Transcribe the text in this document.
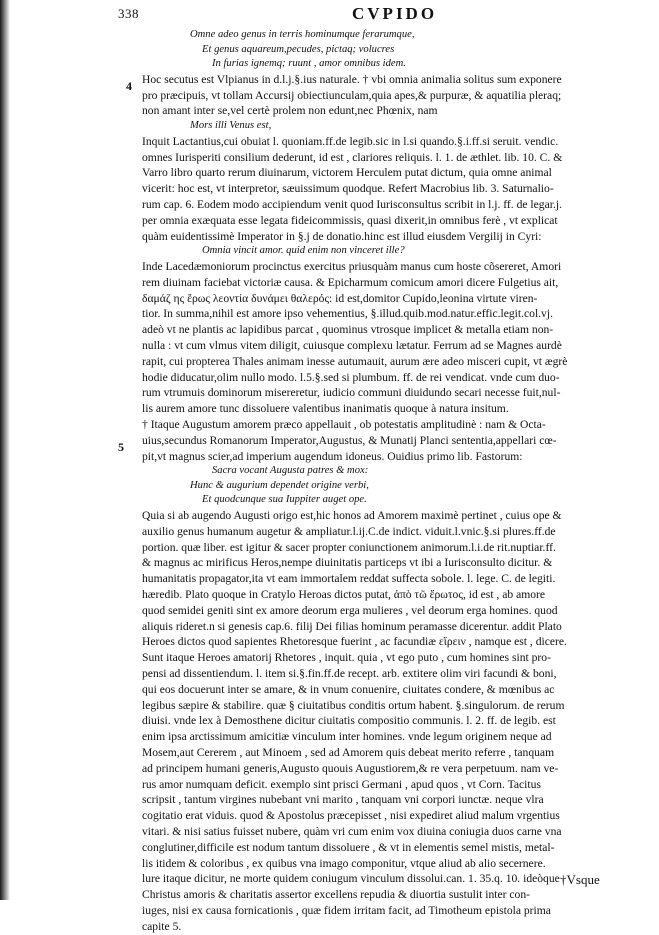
338	CVPIDO
4
5
Omne adeo genus in terris hominumque ferarumque,
Et genus aquareum,pecudes, pictaq; volucres
In furias ignemq; ruunt , amor omnibus idem.
Hoc secutus est Vlpianus in d.l.j.§.ius naturale. † vbi omnia animalia solitus sum exponere
pro præcipuis, vt tollam Accursij obiectiunculam,quia apes,& purpuræ, & aquatilia pleraq;
non amant inter se,vel certè prolem non edunt,nec Phœnix, nam
Mors illi Venus est,
Inquit Lactantius,cui obuiat l. quoniam.ff.de legib.sic in l.si quando.§.i.ff.si seruit. vendic.
omnes Iurisperiti consilium dederunt, id est , clariores reliquis. l. 1. de æthlet. lib. 10. C. &
Varro libro quarto rerum diuinarum, victorem Herculem putat dictum, quia omne animal
vicerit: hoc est, vt interpretor, sæuissimum quodque. Refert Macrobius lib. 3. Saturnalio-
rum cap. 6. Eodem modo accipiendum venit quod Iurisconsultus scribit in l.j. ff. de legar.j.
per omnia exæquata esse legata fideicommissis, quasi dixerit,in omnibus ferè , vt explicat
quàm euidentissimè Imperator in §.j de donatio.hinc est illud eiusdem Vergilij in Cyri:
Omnia vincit amor. quid enim non vinceret ille?
Inde Lacedæmoniorum procinctus exercitus priusquàm manus cum hoste cõsereret, Amori
rem diuinam faciebat victoriæ causa. & Epicharmum comicum amori dicere Fulgetius ait,
δαμάζ ης ἔρως λεοντία δυνάμει θαλερός: id est,domitor Cupido,leonina virtute viren-
tior. In summa,nihil est amore ipso vehementius, §.illud.quib.mod.natur.effic.legit.col.vj.
adeò vt ne plantis ac lapidibus parcat , quominus vtrosque implicet & metalla etiam non-
nulla : vt cum vlmus vitem diligit, cuiusque complexu lætatur. Ferrum ad se Magnes aurdè
rapit, cui propterea Thales animam inesse autumauit, aurum ære adeo misceri cupit, vt ægrè
hodie diducatur,olim nullo modo. l.5.§.sed si plumbum. ff. de rei vendicat. vnde cum duo-
rum vtrumuis dominorum misereretur, iudicio communi diuidundo secari necesse fuit,nul-
lis aurem amore tunc dissoluere valentibus inanimatis quoque à natura insitum.
† Itaque Augustum amorem præco appellauit , ob potestatis amplitudinè : nam & Octa-
uius,secundus Romanorum Imperator,Augustus, & Munatij Planci sententia,appellari cœ-
pit,vt magnus scier,ad imperium augendum idoneus. Ouidius primo lib. Fastorum:
Sacra vocant Augusta patres & mox:
Hunc & augurium dependet origine verbi,
Et quodcunque sua Iuppiter auget ope.
Quia si ab augendo Augusti origo est,hic honos ad Amorem maximè pertinet , cuius ope &
auxilio genus humanum augetur & ampliatur.l.ij.C.de indict. viduit.l.vnic.§.si plures.ff.de
portion. quæ liber. est igitur & sacer propter coniunctionem animorum.l.i.de rit.nuptiar.ff.
& magnus ac mirificus Heros,nempe diuinitatis particeps vt ibi a Iurisconsulto dicitur. &
humanitatis propagator,ita vt eam immortalem reddat suffecta sobole. l. lege. C. de legiti.
hæredib. Plato quoque in Cratylo Heroas dictos putat, ἀπὸ τῶ ἔρωτος, id est , ab amore
quod semidei geniti sint ex amore deorum erga mulieres , vel deorum erga homines. quod
aliquis rideret.n si genesis cap.6. filij Dei filias hominum peramasse dicerentur. addit Plato
Heroes dictos quod sapientes Rhetoresque fuerint , ac facundiæ εἴρειν , namque est , dicere.
Sunt itaque Heroes amatorij Rhetores , inquit. quia , vt ego puto , cum homines sint pro-
pensi ad dissentiendum. l. item si.§.fin.ff.de recept. arb. extitere olim viri facundi & boni,
qui eos docuerunt inter se amare, & in vnum conuenire, ciuitates condere, & mœnibus ac
legibus sæpire & stabilire. quæ § ciuitatibus conditis ortum habent. §.singulorum. de rerum
diuisi. vnde lex à Demosthene dicitur ciuitatis compositio communis. l. 2. ff. de legib. est
enim ipsa arctissimum amicitiæ vinculum inter homines. vnde legum originem neque ad
Mosem,aut Cererem , aut Minoem , sed ad Amorem quis debeat merito referre , tanquam
ad principem humani generis,Augusto quouis Augustiorem,& re vera perpetuum. nam ve-
rus amor numquam deficit. exemplo sint prisci Germani , apud quos , vt Corn. Tacitus
scripsit , tantum virgines nubebant vni marito , tanquam vni corpori iunctæ. neque vlra
cogitatio erat viduis. quod & Apostolus præcepisset , nisi expediret aliud malum vrgentius
vitari. & nisi satius fuisset nubere, quàm vri cum enim vox diuina coniugia duos carne vna
conglutiner,difficile est nodum tantum dissoluere , & vt in elementis semel mistis, metal-
lis itidem & coloribus , ex quibus vna imago componitur, vtque aliud ab alio secernere.
lure itaque dicitur, ne morte quidem coniugum vinculum dissolui.can. 1. 35.q. 10. ideòque
Christus amoris & charitatis assertor excellens repudia & diuortia sustulit inter con-
iuges, nisi ex causa fornicationis , quæ fidem irritam facit, ad Timotheum epistola prima
capite 5.
†Vsque
